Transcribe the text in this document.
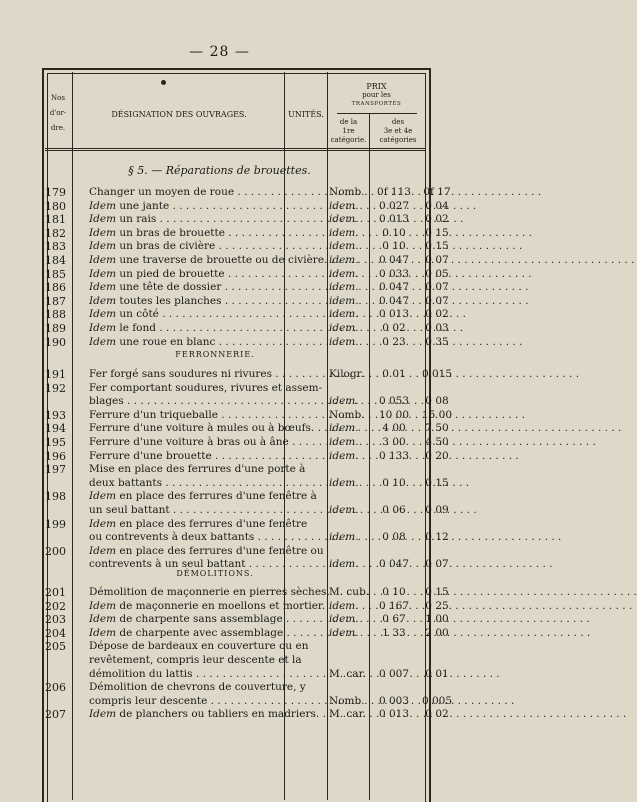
— 28 —
Nos
d'or-
dre.
DÉSIGNATION DES OUVRAGES.	UNITÉS.
PRIX
pour les
TRANSPORTÉS
de la
1re
catégorie.
des
3e et 4e
catégories
§ 5. — Réparations de brouettes.
FERRONNERIE.
DÉMOLITIONS.
179	Changer un moyen de roue . . .	Nomb.	0f 113	0f 17
180	Idem une jante . . .	idem.	0 027	0 04
181	Idem un rais . . .	idem.	0 013	0 02
182	Idem un bras de brouette . . .	idem.	0 10	0 15
183	Idem un bras de civière . . .	idem.	0 10	0 15
184	Idem une traverse de brouette ou de civière. . . . idem.	0 047	0 07
185	Idem un pied de brouette . . .	idem.	0 033	0 05
186	Idem une tête de dossier . . .	idem.	0 047	0 07
187	Idem toutes les planches . . .	idem.	0 047	0 07
188	Idem un côté . . .	idem.	0 013	0 02
189	Idem le fond . . .	idem.	0 02	0 03
190	Idem une roue en blanc . . .	idem.	0 23	0 35
191	Fer forgé sans soudures ni rivures . . .	Kilogr.	0 01	0 015
192	Fer comportant soudures, rivures et assem-
blages . . .	idem.	0 053	0 08
193	Ferrure d'un triqueballe . . .	Nomb.	10 00	15 00
194	Ferrure d'une voiture à mules ou à bœufs. . . .	idem.	4 00	7 50
195	Ferrure d'une voiture à bras ou à âne . . .	idem.	3 00	4 50
196	Ferrure d'une brouette . . .	idem.	0 133	0 20
197	Mise en place des ferrures d'une porte à
deux battants . . .	idem.	0 10	0 15
198	Idem en place des ferrures d'une fenêtre à
un seul battant . . .	idem.	0 06	0 09
199	Idem en place des ferrures d'une fenêtre
ou contrevents à deux battants . . .	idem.	0 08	0 12
200	Idem en place des ferrures d'une fenêtre ou
contrevents à un seul battant . . .	idem.	0 047	0 07
201	Démolition de maçonnerie en pierres sèches. . . . M. cub.	0 10	0 15
202	Idem de maçonnerie en moellons et mortier. . . . idem.	0 167	0 25
203	Idem de charpente sans assemblage . . .	idem.	0 67	1 00
204	Idem de charpente avec assemblage . . .	idem.	1 33	2 00
205	Dépose de bardeaux en couverture ou en
revêtement, compris leur descente et la
démolition du lattis . . .	M. car.	0 007	0 01
206	Démolition de chevrons de couverture, y
compris leur descente . . .	Nomb.	0 003	0 005
207	Idem de planchers ou tabliers en madriers. . . . M. car.	0 013	0 02
